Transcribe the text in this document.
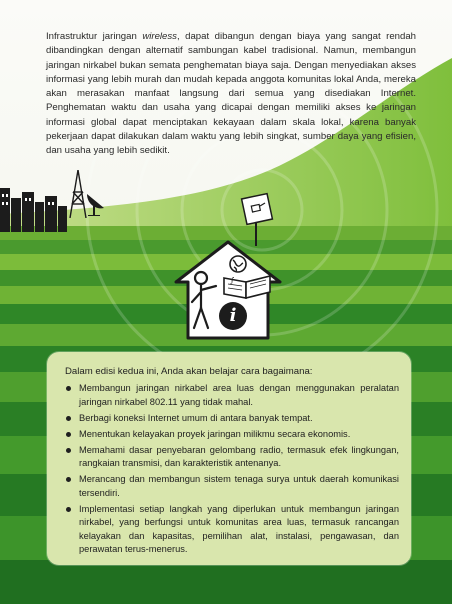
∫
i

Infrastruktur jaringan wireless, dapat dibangun dengan biaya yang sangat rendah dibandingkan dengan alternatif sambungan kabel tradisional. Namun, membangun jaringan nirkabel bukan semata penghematan biaya saja. Dengan menyediakan akses informasi yang lebih murah dan mudah kepada anggota komunitas lokal Anda, mereka akan merasakan manfaat langsung dari semua yang disediakan Internet. Penghematan waktu dan usaha yang dicapai dengan memiliki akses ke jaringan informasi global dapat menciptakan kekayaan dalam skala lokal, karena banyak pekerjaan dapat dilakukan dalam waktu yang lebih singkat, sumber daya yang efisien, dan usaha yang lebih sedikit.

Dalam edisi kedua ini, Anda akan belajar cara bagaimana:
Membangun jaringan nirkabel area luas dengan menggunakan peralatan jaringan nirkabel 802.11 yang tidak mahal.
Berbagi koneksi Internet umum di antara banyak tempat.
Menentukan kelayakan proyek jaringan milikmu secara ekonomis.
Memahami dasar penyebaran gelombang radio, termasuk efek lingkungan, rangkaian transmisi, dan karakteristik antenanya.
Merancang dan membangun sistem tenaga surya untuk daerah komunikasi tersendiri.
Implementasi setiap langkah yang diperlukan untuk membangun jaringan nirkabel, yang berfungsi untuk komunitas area luas, termasuk rancangan kelayakan dan kapasitas, pemilihan alat, instalasi, pengawasan, dan perawatan terus-menerus.
